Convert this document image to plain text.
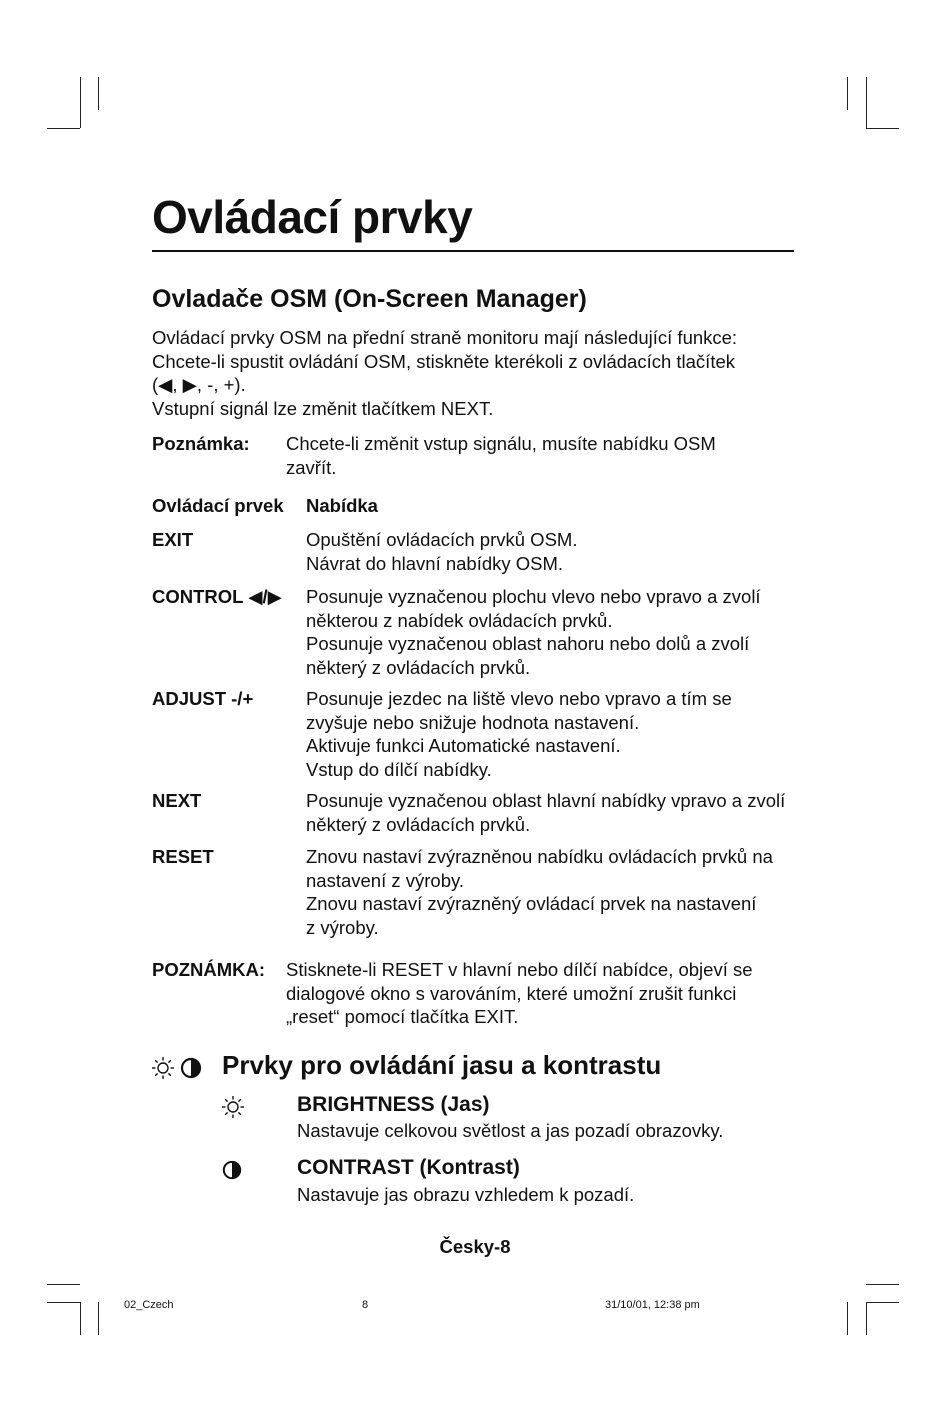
Ovládací prvky
Ovladače OSM (On-Screen Manager)
Ovládací prvky OSM na přední straně monitoru mají následující funkce:
Chcete-li spustit ovládání OSM, stiskněte kterékoli z ovládacích tlačítek
(◀, ▶, -, +).
Vstupní signál lze změnit tlačítkem NEXT.
Poznámka: Chcete-li změnit vstup signálu, musíte nabídku OSM
zavřít.
Ovládací prvek Nabídka
EXIT	Opuštění ovládacích prvků OSM.
Návrat do hlavní nabídky OSM.
CONTROL ◀/▶ Posunuje vyznačenou plochu vlevo nebo vpravo a zvolí
některou z nabídek ovládacích prvků.
Posunuje vyznačenou oblast nahoru nebo dolů a zvolí
některý z ovládacích prvků.
ADJUST -/+	Posunuje jezdec na liště vlevo nebo vpravo a tím se
zvyšuje nebo snižuje hodnota nastavení.
Aktivuje funkci Automatické nastavení.
Vstup do dílčí nabídky.
NEXT	Posunuje vyznačenou oblast hlavní nabídky vpravo a zvolí
některý z ovládacích prvků.
RESET	Znovu nastaví zvýrazněnou nabídku ovládacích prvků na
nastavení z výroby.
Znovu nastaví zvýrazněný ovládací prvek na nastavení
z výroby.
POZNÁMKA: Stisknete-li RESET v hlavní nebo dílčí nabídce, objeví se
dialogové okno s varováním, které umožní zrušit funkci
„reset“ pomocí tlačítka EXIT.
Prvky pro ovládání jasu a kontrastu
BRIGHTNESS (Jas)
Nastavuje celkovou světlost a jas pozadí obrazovky.
CONTRAST (Kontrast)
Nastavuje jas obrazu vzhledem k pozadí.
Česky-8
02_Czech	8	31/10/01, 12:38 pm
